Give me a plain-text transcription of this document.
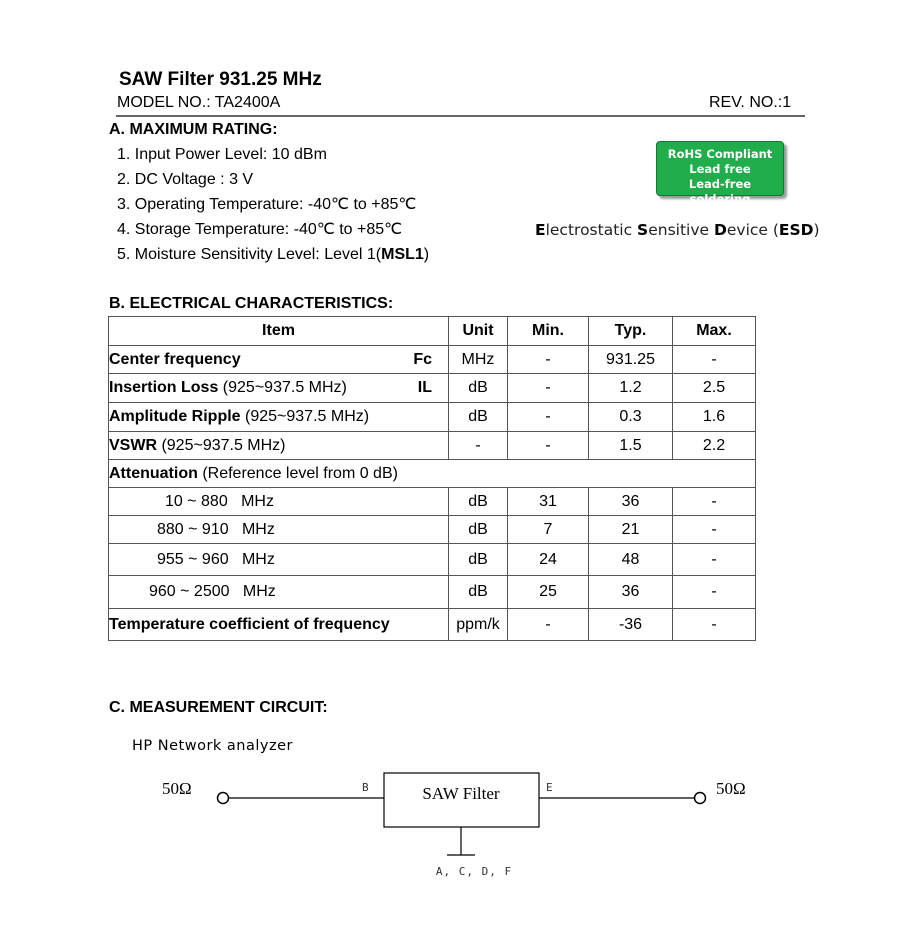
SAW Filter 931.25 MHz
MODEL NO.: TA2400A	REV. NO.:1
A. MAXIMUM RATING:
1. Input Power Level: 10 dBm
2. DC Voltage : 3 V
3. Operating Temperature: -40℃ to +85℃
4. Storage Temperature: -40℃ to +85℃
5. Moisture Sensitivity Level: Level 1(MSL1)
RoHS Compliant
Lead free
Lead-free soldering
Electrostatic Sensitive Device (ESD)
B. ELECTRICAL CHARACTERISTICS:
Item	Unit	Min.	Typ.	Max.
Center frequency Fc	MHz	-	931.25	-
Insertion Loss (925~937.5 MHz) IL	dB	-	1.2	2.5
Amplitude Ripple (925~937.5 MHz)	dB	-	0.3	1.6
VSWR (925~937.5 MHz)	-	-	1.5	2.2
Attenuation (Reference level from 0 dB)				
10 ~ 880 MHz	dB	31	36	-
880 ~ 910 MHz	dB	7	21	-
955 ~ 960 MHz	dB	24	48	-
960 ~ 2500 MHz	dB	25	36	-
Temperature coefficient of frequency	ppm/k	-	-36	-
C. MEASUREMENT CIRCUIT:
HP Network analyzer
50Ω	B	SAW Filter	E	50Ω
A, C, D, F
